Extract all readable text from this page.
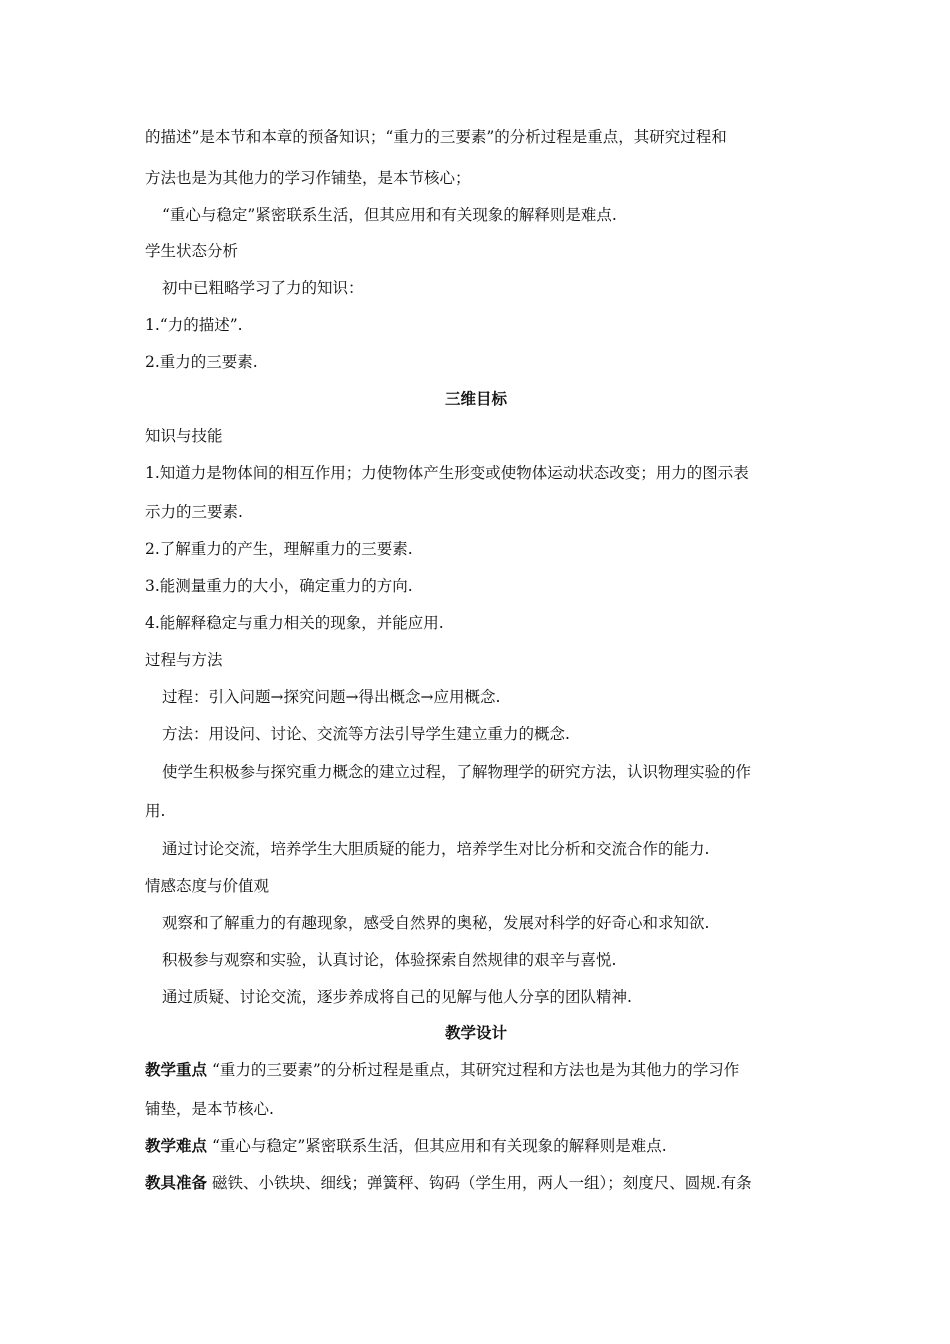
的描述”是本节和本章的预备知识；“重力的三要素”的分析过程是重点，其研究过程和
方法也是为其他力的学习作铺垫，是本节核心；
“重心与稳定”紧密联系生活，但其应用和有关现象的解释则是难点.
学生状态分析
初中已粗略学习了力的知识：
1.“力的描述”.
2.重力的三要素.
三维目标
知识与技能
1.知道力是物体间的相互作用；力使物体产生形变或使物体运动状态改变；用力的图示表
示力的三要素.
2.了解重力的产生，理解重力的三要素.
3.能测量重力的大小，确定重力的方向.
4.能解释稳定与重力相关的现象，并能应用.
过程与方法
过程：引入问题→探究问题→得出概念→应用概念.
方法：用设问、讨论、交流等方法引导学生建立重力的概念.
使学生积极参与探究重力概念的建立过程，了解物理学的研究方法，认识物理实验的作
用.
通过讨论交流，培养学生大胆质疑的能力，培养学生对比分析和交流合作的能力.
情感态度与价值观
观察和了解重力的有趣现象，感受自然界的奥秘，发展对科学的好奇心和求知欲.
积极参与观察和实验，认真讨论，体验探索自然规律的艰辛与喜悦.
通过质疑、讨论交流，逐步养成将自己的见解与他人分享的团队精神.
教学设计
教学重点 “重力的三要素”的分析过程是重点，其研究过程和方法也是为其他力的学习作
铺垫，是本节核心.
教学难点 “重心与稳定”紧密联系生活，但其应用和有关现象的解释则是难点.
教具准备 磁铁、小铁块、细线；弹簧秤、钩码（学生用，两人一组）；刻度尺、圆规.有条
